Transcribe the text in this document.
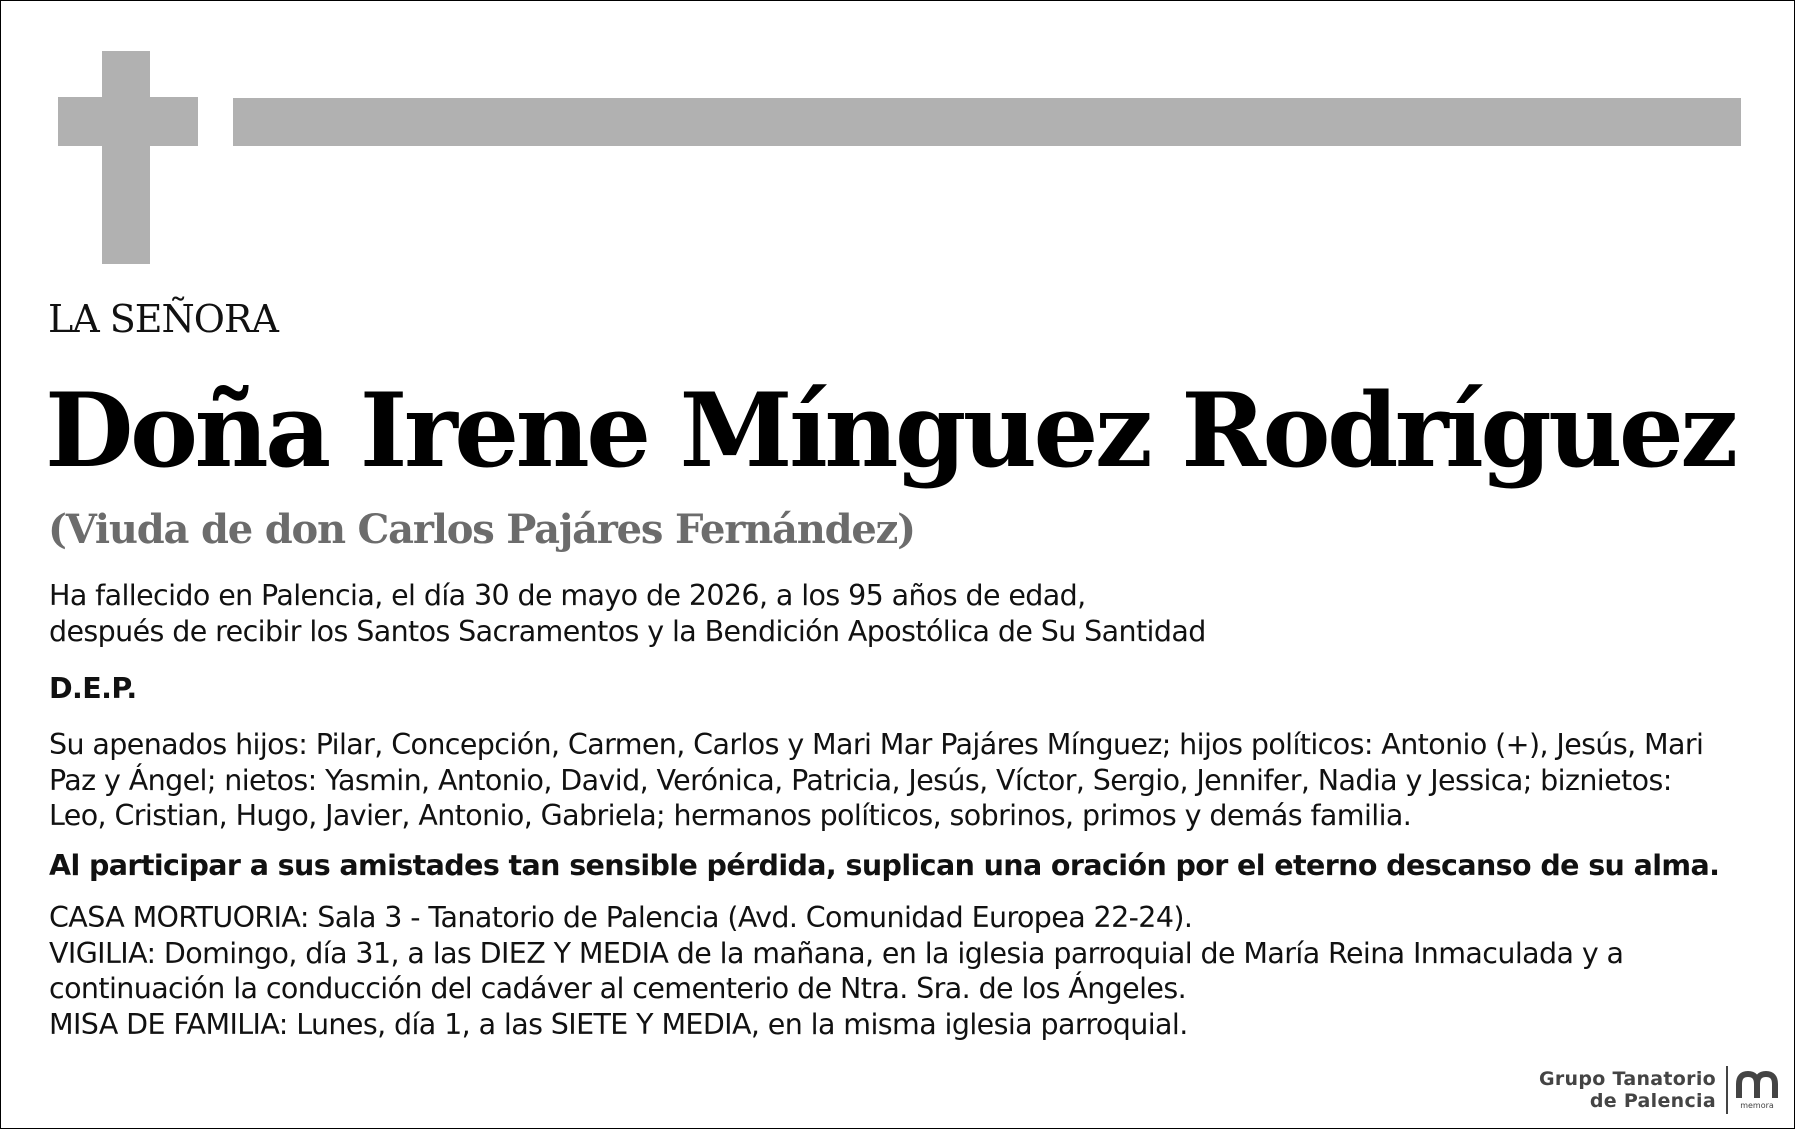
LA SEÑORA
Doña Irene Mínguez Rodríguez
(Viuda de don Carlos Pajáres Fernández)
Ha fallecido en Palencia, el día 30 de mayo de 2026, a los 95 años de edad,
después de recibir los Santos Sacramentos y la Bendición Apostólica de Su Santidad
D.E.P.
Su apenados hijos: Pilar, Concepción, Carmen, Carlos y Mari Mar Pajáres Mínguez; hijos políticos: Antonio (+), Jesús, Mari
Paz y Ángel; nietos: Yasmin, Antonio, David, Verónica, Patricia, Jesús, Víctor, Sergio, Jennifer, Nadia y Jessica; biznietos:
Leo, Cristian, Hugo, Javier, Antonio, Gabriela; hermanos políticos, sobrinos, primos y demás familia.
Al participar a sus amistades tan sensible pérdida, suplican una oración por el eterno descanso de su alma.
CASA MORTUORIA: Sala 3 - Tanatorio de Palencia (Avd. Comunidad Europea 22-24).
VIGILIA: Domingo, día 31, a las DIEZ Y MEDIA de la mañana, en la iglesia parroquial de María Reina Inmaculada y a
continuación la conducción del cadáver al cementerio de Ntra. Sra. de los Ángeles.
MISA DE FAMILIA: Lunes, día 1, a las SIETE Y MEDIA, en la misma iglesia parroquial.
Grupo Tanatorio
de Palencia	memora
